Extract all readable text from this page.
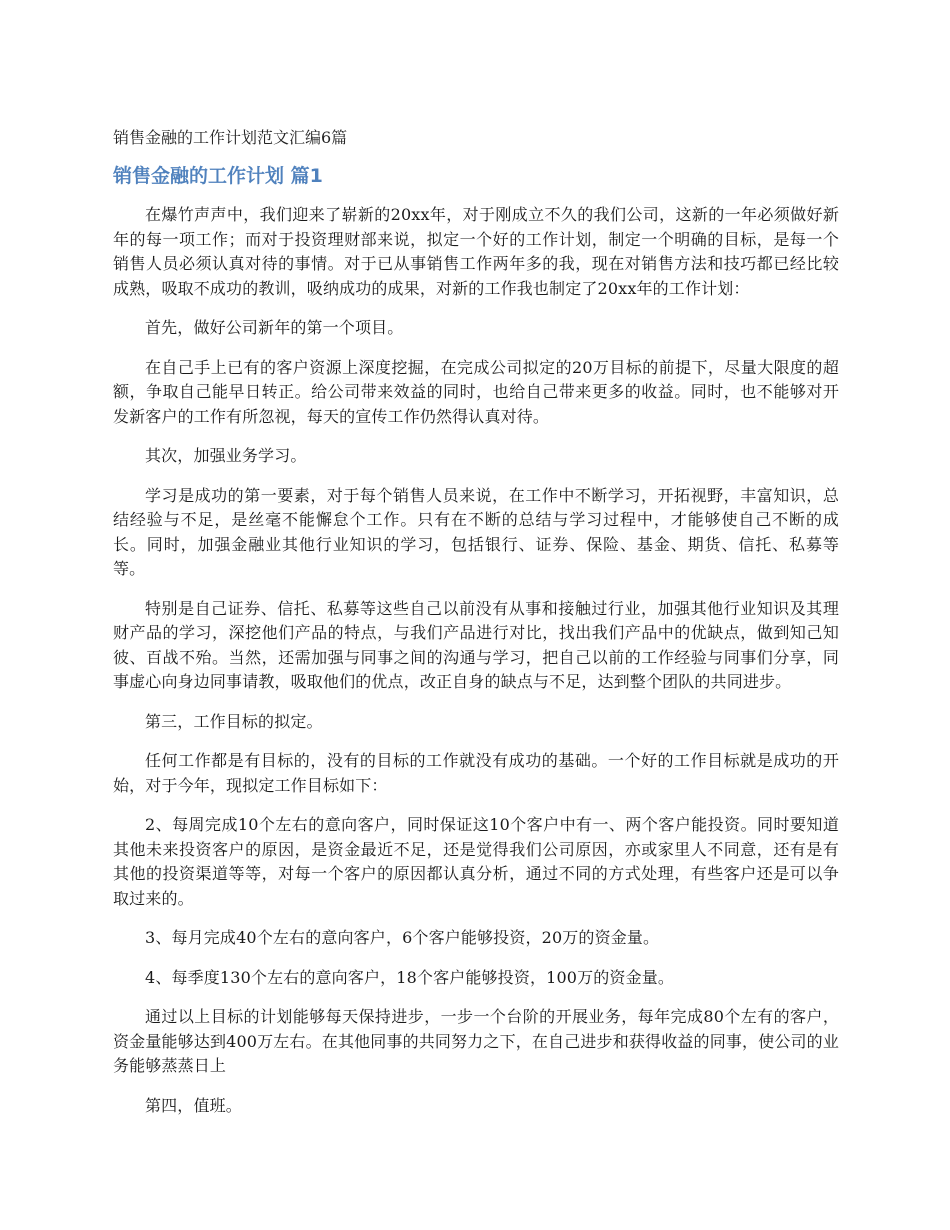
销售金融的工作计划范文汇编6篇
销售金融的工作计划 篇1

在爆竹声声中，我们迎来了崭新的20xx年，对于刚成立不久的我们公司，这新的一年必须做好新年的每一项工作；而对于投资理财部来说，拟定一个好的工作计划，制定一个明确的目标，是每一个销售人员必须认真对待的事情。对于已从事销售工作两年多的我，现在对销售方法和技巧都已经比较成熟，吸取不成功的教训，吸纳成功的成果，对新的工作我也制定了20xx年的工作计划：

首先，做好公司新年的第一个项目。

在自己手上已有的客户资源上深度挖掘，在完成公司拟定的20万目标的前提下，尽量大限度的超额，争取自己能早日转正。给公司带来效益的同时，也给自己带来更多的收益。同时，也不能够对开发新客户的工作有所忽视，每天的宣传工作仍然得认真对待。

其次，加强业务学习。

学习是成功的第一要素，对于每个销售人员来说，在工作中不断学习，开拓视野，丰富知识，总结经验与不足，是丝毫不能懈怠个工作。只有在不断的总结与学习过程中，才能够使自己不断的成长。同时，加强金融业其他行业知识的学习，包括银行、证券、保险、基金、期货、信托、私募等等。

特别是自己证券、信托、私募等这些自己以前没有从事和接触过行业，加强其他行业知识及其理财产品的学习，深挖他们产品的特点，与我们产品进行对比，找出我们产品中的优缺点，做到知己知彼、百战不殆。当然，还需加强与同事之间的沟通与学习，把自己以前的工作经验与同事们分享，同事虚心向身边同事请教，吸取他们的优点，改正自身的缺点与不足，达到整个团队的共同进步。

第三，工作目标的拟定。

任何工作都是有目标的，没有的目标的工作就没有成功的基础。一个好的工作目标就是成功的开始，对于今年，现拟定工作目标如下：

2、每周完成10个左右的意向客户，同时保证这10个客户中有一、两个客户能投资。同时要知道其他未来投资客户的原因，是资金最近不足，还是觉得我们公司原因，亦或家里人不同意，还有是有其他的投资渠道等等，对每一个客户的原因都认真分析，通过不同的方式处理，有些客户还是可以争取过来的。

3、每月完成40个左右的意向客户，6个客户能够投资，20万的资金量。

4、每季度130个左右的意向客户，18个客户能够投资，100万的资金量。

通过以上目标的计划能够每天保持进步，一步一个台阶的开展业务，每年完成80个左有的客户，资金量能够达到400万左右。在其他同事的共同努力之下，在自己进步和获得收益的同事，使公司的业务能够蒸蒸日上

第四，值班。
